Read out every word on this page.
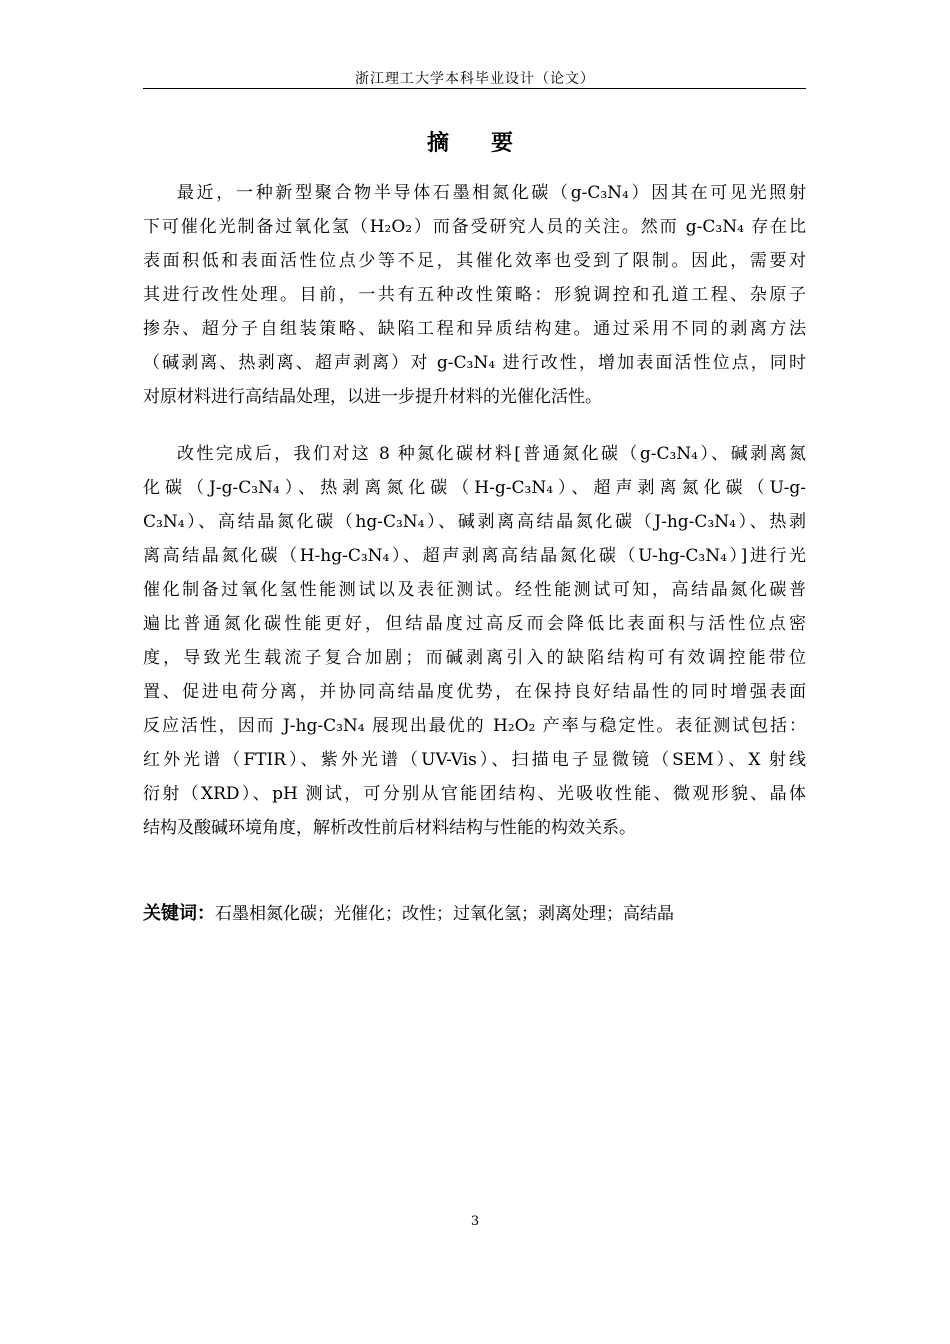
浙江理工大学本科毕业设计（论文）
摘　要
最近，一种新型聚合物半导体石墨相氮化碳（g-C₃N₄）因其在可见光照射
下可催化光制备过氧化氢（H₂O₂）而备受研究人员的关注。然而 g-C₃N₄ 存在比
表面积低和表面活性位点少等不足，其催化效率也受到了限制。因此，需要对
其进行改性处理。目前，一共有五种改性策略：形貌调控和孔道工程、杂原子
掺杂、超分子自组装策略、缺陷工程和异质结构建。通过采用不同的剥离方法
（碱剥离、热剥离、超声剥离）对 g-C₃N₄ 进行改性，增加表面活性位点，同时
对原材料进行高结晶处理，以进一步提升材料的光催化活性。
改性完成后，我们对这 8 种氮化碳材料[普通氮化碳（g-C₃N₄）、碱剥离氮
化碳（J-g-C₃N₄）、热剥离氮化碳（H-g-C₃N₄）、超声剥离氮化碳（U-g-
C₃N₄）、高结晶氮化碳（hg-C₃N₄）、碱剥离高结晶氮化碳（J-hg-C₃N₄）、热剥
离高结晶氮化碳（H-hg-C₃N₄）、超声剥离高结晶氮化碳（U-hg-C₃N₄）]进行光
催化制备过氧化氢性能测试以及表征测试。经性能测试可知，高结晶氮化碳普
遍比普通氮化碳性能更好，但结晶度过高反而会降低比表面积与活性位点密
度，导致光生载流子复合加剧；而碱剥离引入的缺陷结构可有效调控能带位
置、促进电荷分离，并协同高结晶度优势，在保持良好结晶性的同时增强表面
反应活性，因而 J-hg-C₃N₄ 展现出最优的 H₂O₂ 产率与稳定性。表征测试包括：
红外光谱（FTIR）、紫外光谱（UV-Vis）、扫描电子显微镜（SEM）、X 射线
衍射（XRD）、pH 测试，可分别从官能团结构、光吸收性能、微观形貌、晶体
结构及酸碱环境角度，解析改性前后材料结构与性能的构效关系。
关键词：石墨相氮化碳；光催化；改性；过氧化氢；剥离处理；高结晶
3
